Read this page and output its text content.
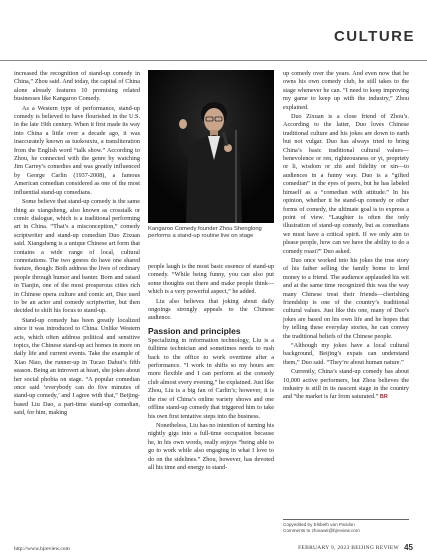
CULTURE

increased the recognition of stand-up comedy in China,” Zhou said. And today, the capital of China alone already features 10 promising related businesses like Kangaroo Comedy.

As a Western type of performance, stand-up comedy is believed to have flourished in the U.S. in the late 19th century. When it first made its way into China a little over a decade ago, it was inaccurately known as tuokouxiu, a transliteration from the English word “talk show.” According to Zhou, he connected with the genre by watching Jim Carrey’s comedies and was greatly influenced by George Carlin (1937-2008), a famous American comedian considered as one of the most influential stand-up comedians.

Some believe that stand-up comedy is the same thing as xiangsheng, also known as crosstalk or comic dialogue, which is a traditional performing art in China. “That’s a misconception,” comedy scriptwriter and stand-up comedian Duo Zixuan said. Xiangsheng is a unique Chinese art form that contains a wide range of local, cultural connotations. The two genres do have one shared feature, though: Both address the lives of ordinary people through humor and banter. Born and raised in Tianjin, one of the most prosperous cities rich in Chinese opera culture and comic art, Duo used to be an actor and comedy scriptwriter, but then decided to shift his focus to stand-up.

Stand-up comedy has been greatly localized since it was introduced to China. Unlike Western acts, which often address political and sensitive topics, the Chinese stand-up act homes in more on daily life and current events. Take the example of Xiao Niao, the runner-up in Tucao Dahui’s fifth season. Being an introvert at heart, she jokes about her social phobia on stage. “A popular comedian once said ‘everybody can do five minutes of stand-up comedy,’ and I agree with that,” Beijing-based Liu Dao, a part-time stand-up comedian, said, for him, making

Kangaroo Comedy founder Zhou Shenglong performs a stand-up routine live on stage

people laugh is the most basic essence of stand-up comedy. “While being funny, you can also put some thoughts out there and make people think—which is a very powerful aspect,” he added.

Liu also believes that joking about daily ongoings strongly appeals to the Chinese audience.

Passion and principles

Specializing in information technology, Liu is a fulltime technician and sometimes needs to rush back to the office to work overtime after a performance. “I work in shifts so my hours are more flexible and I can perform at the comedy club almost every evening,” he explained. Just like Zhou, Liu is a big fan of Carlin’s; however, it is the rise of China’s online variety shows and one offline stand-up comedy that triggered him to take his own first tentative steps into the business.

Nonetheless, Liu has no intention of turning his nightly gigs into a full-time occupation because he, in his own words, really enjoys “being able to go to work while also engaging in what I love to do on the sidelines.” Zhou, however, has devoted all his time and energy to stand-

up comedy over the years. And even now that he owns his own comedy club, he still takes to the stage whenever he can. “I need to keep improving my game to keep up with the industry,” Zhou explained.

Duo Zixuan is a close friend of Zhou’s. According to the latter, Duo loves Chinese traditional culture and his jokes are down to earth but not vulgar. Duo has always tried to bring China’s basic traditional cultural values—benevolence or ren, righteousness or yi, propriety or li, wisdom or zhi and fidelity or xin—to audiences in a funny way. Duo is a “gifted comedian” in the eyes of peers, but he has labeled himself as a “comedian with attitude.” In his opinion, whether it be stand-up comedy or other forms of comedy, the ultimate goal is to express a point of view. “Laughter is often the only illustration of stand-up comedy, but as comedians we must have a critical spirit. If we only aim to please people, how can we have the ability to do a comedy roast?” Duo asked.

Duo once worked into his jokes the true story of his father selling the family home to lend money to a friend. The audience applauded his wit and at the same time recognized this was the way many Chinese treat their friends—cherishing friendship is one of the country’s traditional cultural values. Just like this one, many of Duo’s jokes are based on his own life and he hopes that by telling these everyday stories, he can convey the traditional beliefs of the Chinese people.

“Although my jokes have a local cultural background, Beijing’s expats can understand them,” Duo said. “They’re about human nature.”

Currently, China’s stand-up comedy has about 10,000 active performers, but Zhou believes the industry is still in its nascent stage in the country and “the market is far from saturated.” BR

Copyedited by Elsbeth van Paridon
Comments to zhouwei@bjreview.com
http://www.bjreview.com	FEBRUARY 9, 2023 BEIJING REVIEW 45
